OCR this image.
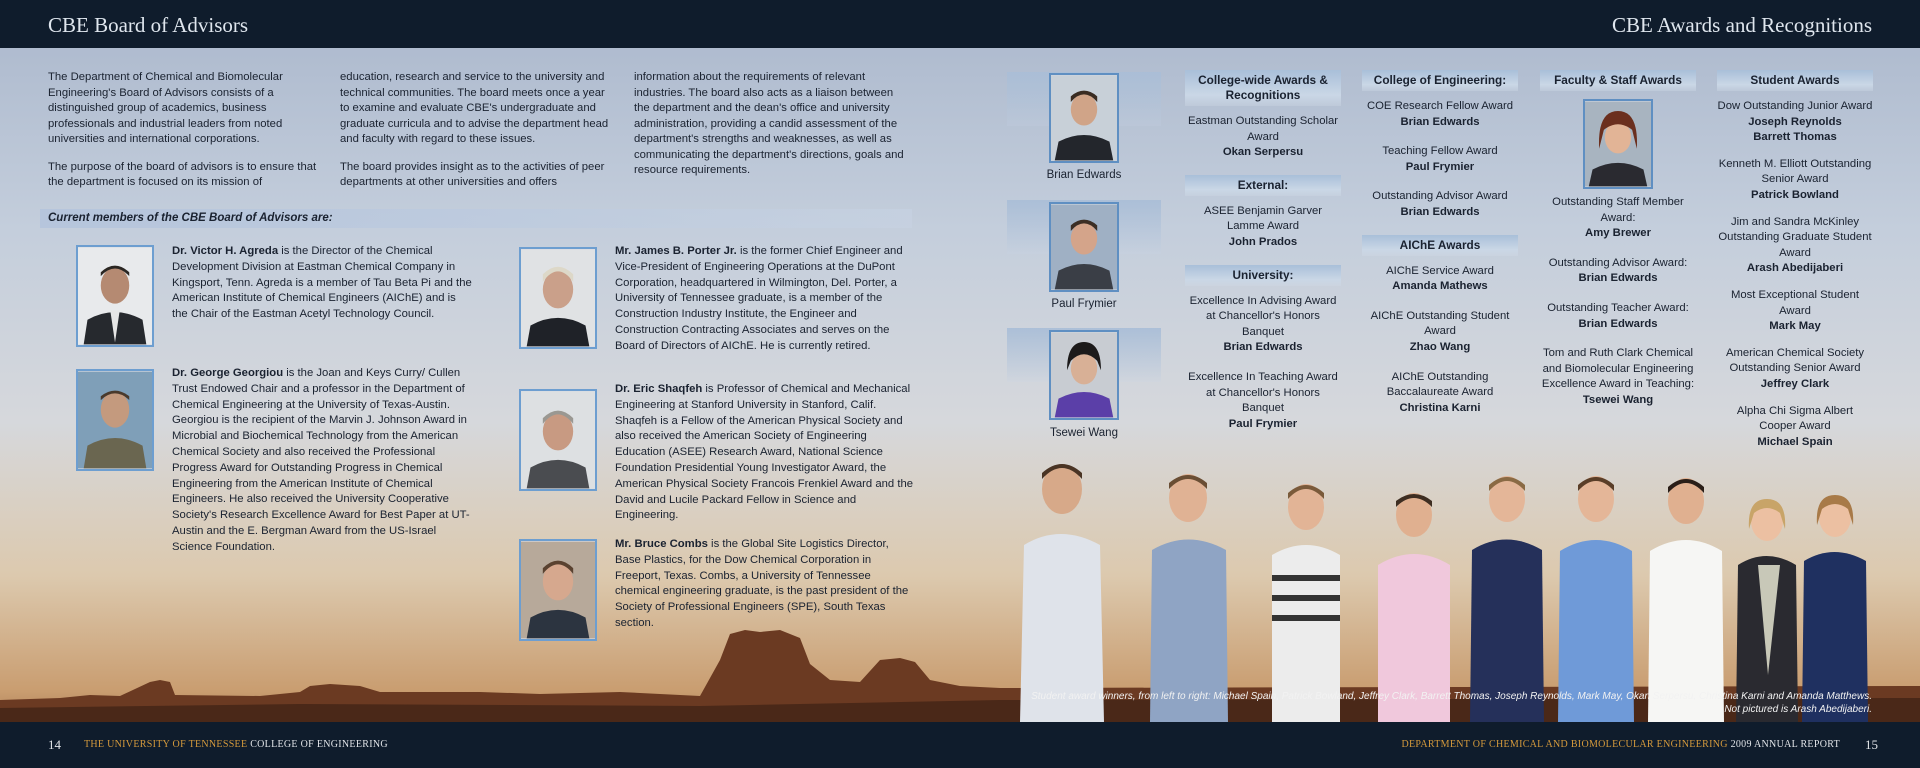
CBE Board of Advisors	CBE Awards and Recognitions

The Department of Chemical and Biomolecular Engineering's Board of Advisors consists of a distinguished group of academics, business professionals and industrial leaders from noted universities and international corporations.

The purpose of the board of advisors is to ensure that the department is focused on its mission of

education, research and service to the university and technical communities. The board meets once a year to examine and evaluate CBE's undergraduate and graduate curricula and to advise the department head and faculty with regard to these issues.

The board provides insight as to the activities of peer departments at other universities and offers

information about the requirements of relevant industries. The board also acts as a liaison between the department and the dean's office and university administration, providing a candid assessment of the department's strengths and weaknesses, as well as communicating the department's directions, goals and resource requirements.

Current members of the CBE Board of Advisors are:
Dr. Victor H. Agreda is the Director of the Chemical Development Division at Eastman Chemical Company in Kingsport, Tenn. Agreda is a member of Tau Beta Pi and the American Institute of Chemical Engineers (AIChE) and is the Chair of the Eastman Acetyl Technology Council.
Dr. George Georgiou is the Joan and Keys Curry/ Cullen Trust Endowed Chair and a professor in the Department of Chemical Engineering at the University of Texas-Austin. Georgiou is the recipient of the Marvin J. Johnson Award in Microbial and Biochemical Technology from the American Chemical Society and also received the Professional Progress Award for Outstanding Progress in Chemical Engineering from the American Institute of Chemical Engineers. He also received the University Cooperative Society's Research Excellence Award for Best Paper at UT-Austin and the E. Bergman Award from the US-Israel Science Foundation.
Mr. James B. Porter Jr. is the former Chief Engineer and Vice-President of Engineering Operations at the DuPont Corporation, headquartered in Wilmington, Del. Porter, a University of Tennessee graduate, is a member of the Construction Industry Institute, the Engineer and Construction Contracting Associates and serves on the Board of Directors of AIChE. He is currently retired.
Dr. Eric Shaqfeh is Professor of Chemical and Mechanical Engineering at Stanford University in Stanford, Calif. Shaqfeh is a Fellow of the American Physical Society and also received the American Society of Engineering Education (ASEE) Research Award, National Science Foundation Presidential Young Investigator Award, the American Physical Society Francois Frenkiel Award and the David and Lucile Packard Fellow in Science and Engineering.
Mr. Bruce Combs is the Global Site Logistics Director, Base Plastics, for the Dow Chemical Corporation in Freeport, Texas. Combs, a University of Tennessee chemical engineering graduate, is the past president of the Society of Professional Engineers (SPE), South Texas section.
Brian Edwards
Paul Frymier
Tsewei Wang
College-wide Awards & Recognitions
Eastman Outstanding Scholar Award
Okan Serpersu
External:
ASEE Benjamin Garver Lamme Award
John Prados
University:
Excellence In Advising Award at Chancellor's Honors Banquet
Brian Edwards
Excellence In Teaching Award at Chancellor's Honors Banquet
Paul Frymier
College of Engineering:
COE Research Fellow Award
Brian Edwards
Teaching Fellow Award
Paul Frymier
Outstanding Advisor Award
Brian Edwards
AIChE Awards
AIChE Service Award
Amanda Mathews
AIChE Outstanding Student Award
Zhao Wang
AIChE Outstanding Baccalaureate Award
Christina Karni
Faculty & Staff Awards
Outstanding Staff Member Award:
Amy Brewer
Outstanding Advisor Award:
Brian Edwards
Outstanding Teacher Award:
Brian Edwards
Tom and Ruth Clark Chemical and Biomolecular Engineering Excellence Award in Teaching:
Tsewei Wang
Student Awards
Dow Outstanding Junior Award
Joseph Reynolds
Barrett Thomas
Kenneth M. Elliott Outstanding Senior Award
Patrick Bowland
Jim and Sandra McKinley Outstanding Graduate Student Award
Arash Abedijaberi
Most Exceptional Student Award
Mark May
American Chemical Society Outstanding Senior Award
Jeffrey Clark
Alpha Chi Sigma Albert Cooper Award
Michael Spain
Student award winners, from left to right: Michael Spain, Patrick Bowland, Jeffrey Clark, Barrett Thomas, Joseph Reynolds, Mark May, Okan Serpersu, Christina Karni and Amanda Matthews.
Not pictured is Arash Abedijaberi.
14 THE UNIVERSITY OF TENNESSEE COLLEGE OF ENGINEERING	DEPARTMENT OF CHEMICAL AND BIOMOLECULAR ENGINEERING 2009 ANNUAL REPORT 15
